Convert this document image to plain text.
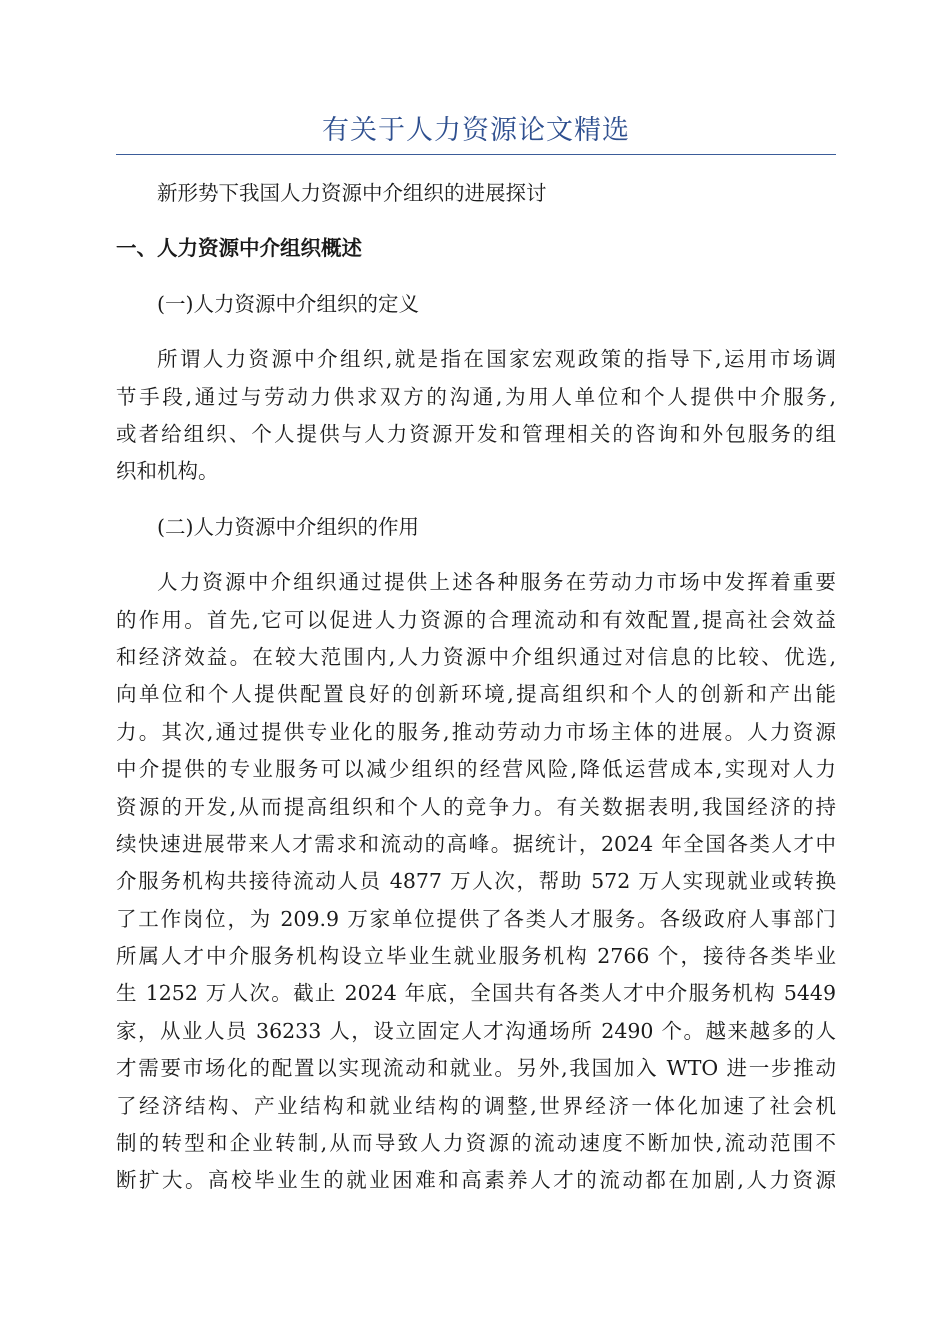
有关于人力资源论文精选

新形势下我国人力资源中介组织的进展探讨

一、人力资源中介组织概述

(一)人力资源中介组织的定义

所谓人力资源中介组织,就是指在国家宏观政策的指导下,运用市场调
节手段,通过与劳动力供求双方的沟通,为用人单位和个人提供中介服务,
或者给组织、个人提供与人力资源开发和管理相关的咨询和外包服务的组
织和机构。

(二)人力资源中介组织的作用

人力资源中介组织通过提供上述各种服务在劳动力市场中发挥着重要
的作用。首先,它可以促进人力资源的合理流动和有效配置,提高社会效益
和经济效益。在较大范围内,人力资源中介组织通过对信息的比较、优选,
向单位和个人提供配置良好的创新环境,提高组织和个人的创新和产出能
力。其次,通过提供专业化的服务,推动劳动力市场主体的进展。人力资源
中介提供的专业服务可以减少组织的经营风险,降低运营成本,实现对人力
资源的开发,从而提高组织和个人的竞争力。有关数据表明,我国经济的持
续快速进展带来人才需求和流动的高峰。据统计，2024 年全国各类人才中
介服务机构共接待流动人员 4877 万人次，帮助 572 万人实现就业或转换
了工作岗位，为 209.9 万家单位提供了各类人才服务。各级政府人事部门
所属人才中介服务机构设立毕业生就业服务机构 2766 个，接待各类毕业
生 1252 万人次。截止 2024 年底，全国共有各类人才中介服务机构 5449
家，从业人员 36233 人，设立固定人才沟通场所 2490 个。越来越多的人
才需要市场化的配置以实现流动和就业。另外,我国加入 WTO 进一步推动
了经济结构、产业结构和就业结构的调整,世界经济一体化加速了社会机
制的转型和企业转制,从而导致人力资源的流动速度不断加快,流动范围不
断扩大。高校毕业生的就业困难和高素养人才的流动都在加剧,人力资源
